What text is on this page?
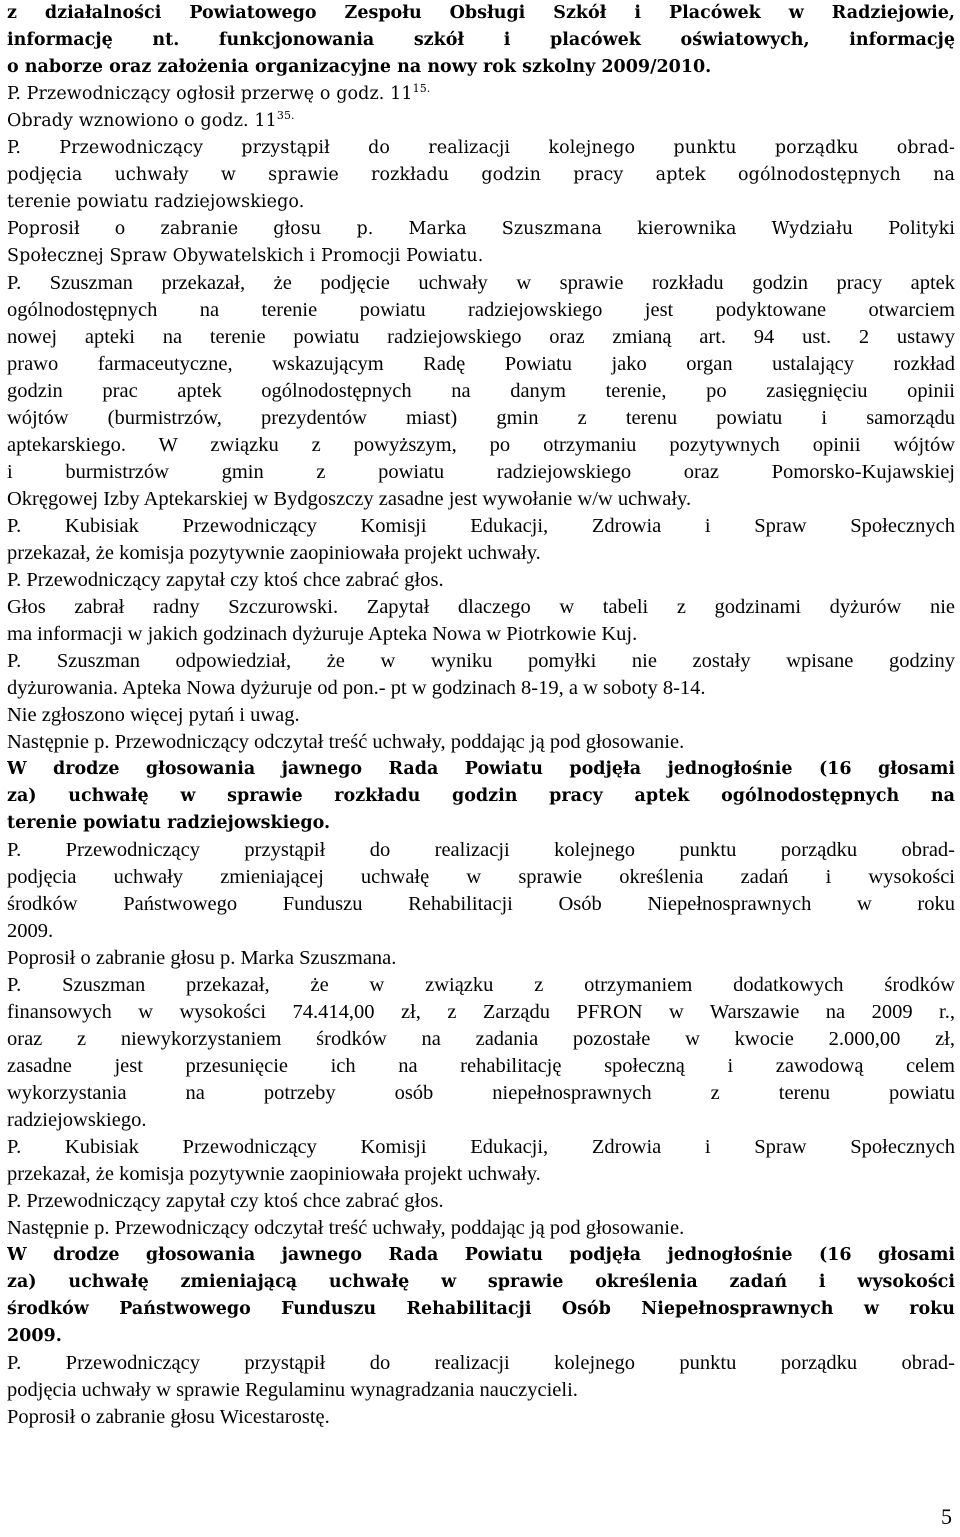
z działalności Powiatowego Zespołu Obsługi Szkół i Placówek w Radziejowie,
informację nt. funkcjonowania szkół i placówek oświatowych, informację
o naborze oraz założenia organizacyjne na nowy rok szkolny 2009/2010.
P. Przewodniczący ogłosił przerwę o godz. $11^{15.}$
Obrady wznowiono o godz. $11^{35.}$
P. Przewodniczący przystąpił do realizacji kolejnego punktu porządku obrad-
podjęcia uchwały w sprawie rozkładu godzin pracy aptek ogólnodostępnych na
terenie powiatu radziejowskiego.
Poprosił o zabranie głosu p. Marka Szuszmana kierownika Wydziału Polityki
Społecznej Spraw Obywatelskich i Promocji Powiatu.
P. Szuszman przekazał, że podjęcie uchwały w sprawie rozkładu godzin pracy aptek
ogólnodostępnych na terenie powiatu radziejowskiego jest podyktowane otwarciem
nowej apteki na terenie powiatu radziejowskiego oraz zmianą art. 94 ust. 2 ustawy
prawo farmaceutyczne, wskazującym Radę Powiatu jako organ ustalający rozkład
godzin prac aptek ogólnodostępnych na danym terenie, po zasięgnięciu opinii
wójtów (burmistrzów, prezydentów miast) gmin z terenu powiatu i samorządu
aptekarskiego. W związku z powyższym, po otrzymaniu pozytywnych opinii wójtów
i burmistrzów gmin z powiatu radziejowskiego oraz Pomorsko-Kujawskiej
Okręgowej Izby Aptekarskiej w Bydgoszczy zasadne jest wywołanie w/w uchwały.
P. Kubisiak Przewodniczący Komisji Edukacji, Zdrowia i Spraw Społecznych
przekazał, że komisja pozytywnie zaopiniowała projekt uchwały.
P. Przewodniczący zapytał czy ktoś chce zabrać głos.
Głos zabrał radny Szczurowski. Zapytał dlaczego w tabeli z godzinami dyżurów nie
ma informacji w jakich godzinach dyżuruje Apteka Nowa w Piotrkowie Kuj.
P. Szuszman odpowiedział, że w wyniku pomyłki nie zostały wpisane godziny
dyżurowania. Apteka Nowa dyżuruje od pon.- pt w godzinach 8-19, a w soboty 8-14.
Nie zgłoszono więcej pytań i uwag.
Następnie p. Przewodniczący odczytał treść uchwały, poddając ją pod głosowanie.
W drodze głosowania jawnego Rada Powiatu podjęła jednogłośnie (16 głosami
za) uchwałę w sprawie rozkładu godzin pracy aptek ogólnodostępnych na
terenie powiatu radziejowskiego.
P. Przewodniczący przystąpił do realizacji kolejnego punktu porządku obrad-
podjęcia uchwały zmieniającej uchwałę w sprawie określenia zadań i wysokości
środków Państwowego Funduszu Rehabilitacji Osób Niepełnosprawnych w roku
2009.
Poprosił o zabranie głosu p. Marka Szuszmana.
P. Szuszman przekazał, że w związku z otrzymaniem dodatkowych środków
finansowych w wysokości 74.414,00 zł, z Zarządu PFRON w Warszawie na 2009 r.,
oraz z niewykorzystaniem środków na zadania pozostałe w kwocie 2.000,00 zł,
zasadne jest przesunięcie ich na rehabilitację społeczną i zawodową celem
wykorzystania na potrzeby osób niepełnosprawnych z terenu powiatu
radziejowskiego.
P. Kubisiak Przewodniczący Komisji Edukacji, Zdrowia i Spraw Społecznych
przekazał, że komisja pozytywnie zaopiniowała projekt uchwały.
P. Przewodniczący zapytał czy ktoś chce zabrać głos.
Następnie p. Przewodniczący odczytał treść uchwały, poddając ją pod głosowanie.
W drodze głosowania jawnego Rada Powiatu podjęła jednogłośnie (16 głosami
za) uchwałę zmieniającą uchwałę w sprawie określenia zadań i wysokości
środków Państwowego Funduszu Rehabilitacji Osób Niepełnosprawnych w roku
2009.
P. Przewodniczący przystąpił do realizacji kolejnego punktu porządku obrad-
podjęcia uchwały w sprawie Regulaminu wynagradzania nauczycieli.
Poprosił o zabranie głosu Wicestarostę.
5
